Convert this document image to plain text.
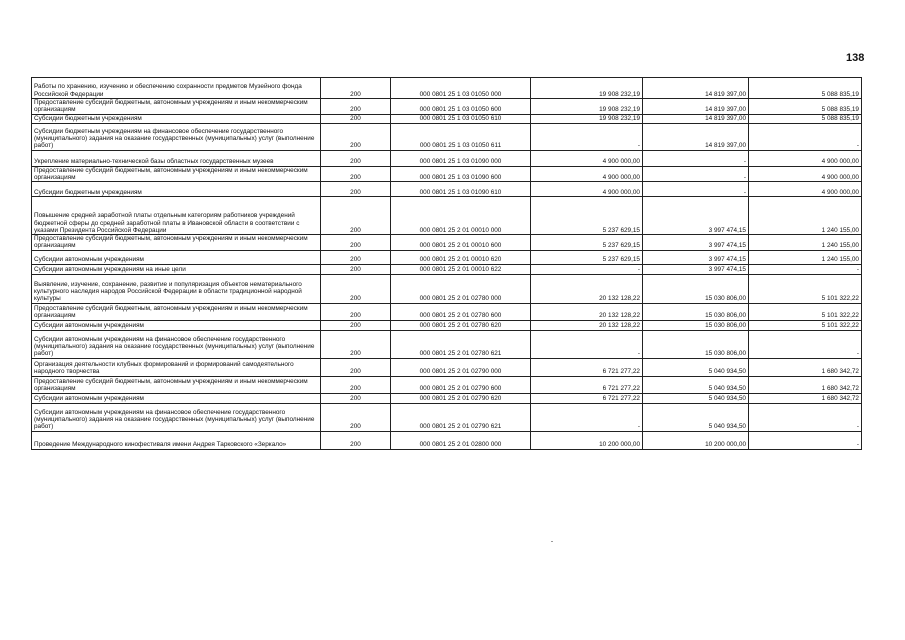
138
Работы по хранению, изучению и обеспечению сохранности предметов Музейного фонда Российской Федерации	200	000 0801 25 1 03 01050 000	19 908 232,19	14 819 397,00	5 088 835,19
Предоставление субсидий бюджетным, автономным учреждениям и иным некоммерческим организациям	200	000 0801 25 1 03 01050 600	19 908 232,19	14 819 397,00	5 088 835,19
Субсидии бюджетным учреждениям	200	000 0801 25 1 03 01050 610	19 908 232,19	14 819 397,00	5 088 835,19
Субсидии бюджетным учреждениям на финансовое обеспечение государственного (муниципального) задания на оказание государственных (муниципальных) услуг (выполнение работ)	200	000 0801 25 1 03 01050 611	-	14 819 397,00	-
Укрепление материально-технической базы областных государственных музеев	200	000 0801 25 1 03 01090 000	4 900 000,00	-	4 900 000,00
Предоставление субсидий бюджетным, автономным учреждениям и иным некоммерческим организациям	200	000 0801 25 1 03 01090 600	4 900 000,00	-	4 900 000,00
Субсидии бюджетным учреждениям	200	000 0801 25 1 03 01090 610	4 900 000,00	-	4 900 000,00
Повышение средней заработной платы отдельным категориям работников учреждений бюджетной сферы до средней заработной платы в Ивановской области в соответствии с указами Президента Российской Федерации	200	000 0801 25 2 01 00010 000	5 237 629,15	3 997 474,15	1 240 155,00
Предоставление субсидий бюджетным, автономным учреждениям и иным некоммерческим организациям	200	000 0801 25 2 01 00010 600	5 237 629,15	3 997 474,15	1 240 155,00
Субсидии автономным учреждениям	200	000 0801 25 2 01 00010 620	5 237 629,15	3 997 474,15	1 240 155,00
Субсидии автономным учреждениям на иные цели	200	000 0801 25 2 01 00010 622	-	3 997 474,15	-
Выявление, изучение, сохранение, развитие и популяризация объектов нематериального культурного наследия народов Российской Федерации в области традиционной народной культуры	200	000 0801 25 2 01 02780 000	20 132 128,22	15 030 806,00	5 101 322,22
Предоставление субсидий бюджетным, автономным учреждениям и иным некоммерческим организациям	200	000 0801 25 2 01 02780 600	20 132 128,22	15 030 806,00	5 101 322,22
Субсидии автономным учреждениям	200	000 0801 25 2 01 02780 620	20 132 128,22	15 030 806,00	5 101 322,22
Субсидии автономным учреждениям на финансовое обеспечение государственного (муниципального) задания на оказание государственных (муниципальных) услуг (выполнение работ)	200	000 0801 25 2 01 02780 621	-	15 030 806,00	-
Организация деятельности клубных формирований и формирований самодеятельного народного творчества	200	000 0801 25 2 01 02790 000	6 721 277,22	5 040 934,50	1 680 342,72
Предоставление субсидий бюджетным, автономным учреждениям и иным некоммерческим организациям	200	000 0801 25 2 01 02790 600	6 721 277,22	5 040 934,50	1 680 342,72
Субсидии автономным учреждениям	200	000 0801 25 2 01 02790 620	6 721 277,22	5 040 934,50	1 680 342,72
Субсидии автономным учреждениям на финансовое обеспечение государственного (муниципального) задания на оказание государственных (муниципальных) услуг (выполнение работ)	200	000 0801 25 2 01 02790 621	-	5 040 934,50	-
Проведение Международного кинофестиваля имени Андрея Тарковского «Зеркало»	200	000 0801 25 2 01 02800 000	10 200 000,00	10 200 000,00	-
